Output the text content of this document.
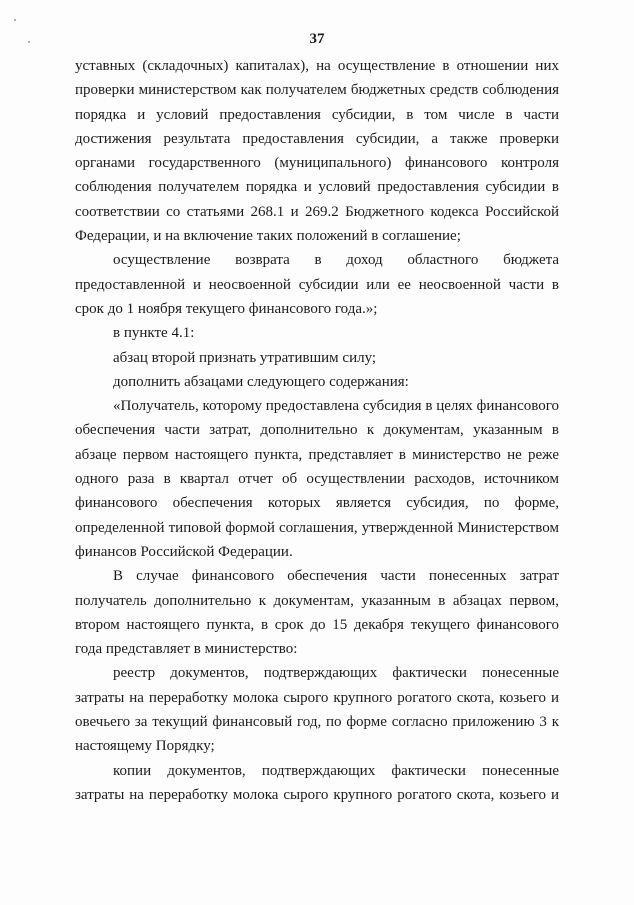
37

уставных (складочных) капиталах), на осуществление в отношении них проверки министерством как получателем бюджетных средств соблюдения порядка и условий предоставления субсидии, в том числе в части достижения результата предоставления субсидии, а также проверки органами государственного (муниципального) финансового контроля соблюдения получателем порядка и условий предоставления субсидии в соответствии со статьями 268.1 и 269.2 Бюджетного кодекса Российской Федерации, и на включение таких положений в соглашение;

осуществление возврата в доход областного бюджета предоставленной и неосвоенной субсидии или ее неосвоенной части в срок до 1 ноября текущего финансового года.»;

в пункте 4.1:

абзац второй признать утратившим силу;

дополнить абзацами следующего содержания:

«Получатель, которому предоставлена субсидия в целях финансового обеспечения части затрат, дополнительно к документам, указанным в абзаце первом настоящего пункта, представляет в министерство не реже одного раза в квартал отчет об осуществлении расходов, источником финансового обеспечения которых является субсидия, по форме, определенной типовой формой соглашения, утвержденной Министерством финансов Российской Федерации.

В случае финансового обеспечения части понесенных затрат получатель дополнительно к документам, указанным в абзацах первом, втором настоящего пункта, в срок до 15 декабря текущего финансового года представляет в министерство:

реестр документов, подтверждающих фактически понесенные затраты на переработку молока сырого крупного рогатого скота, козьего и овечьего за текущий финансовый год, по форме согласно приложению 3 к настоящему Порядку;

копии документов, подтверждающих фактически понесенные затраты на переработку молока сырого крупного рогатого скота, козьего и
